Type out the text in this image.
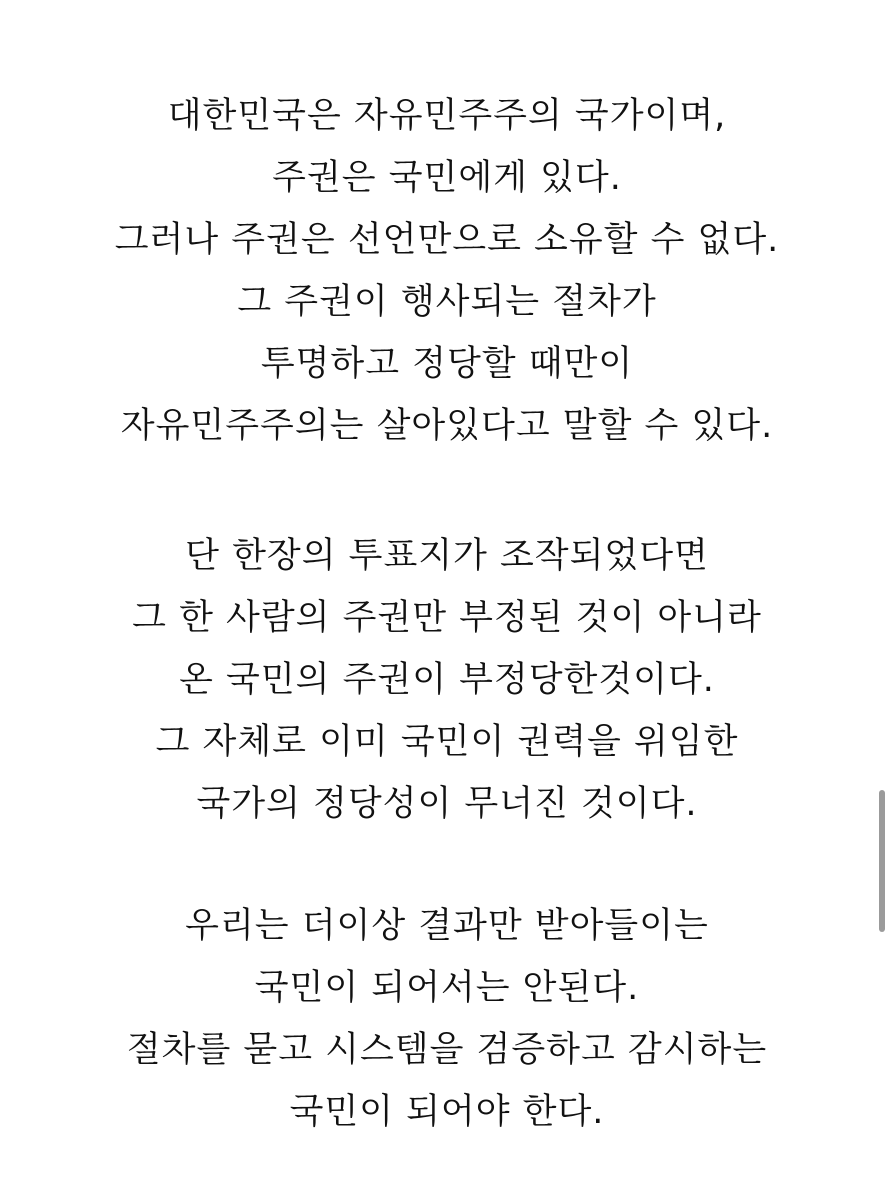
대한민국은 자유민주주의 국가이며,
주권은 국민에게 있다.
그러나 주권은 선언만으로 소유할 수 없다.
그 주권이 행사되는 절차가
투명하고 정당할 때만이
자유민주주의는 살아있다고 말할 수 있다.
단 한장의 투표지가 조작되었다면
그 한 사람의 주권만 부정된 것이 아니라
온 국민의 주권이 부정당한것이다.
그 자체로 이미 국민이 권력을 위임한
국가의 정당성이 무너진 것이다.
우리는 더이상 결과만 받아들이는
국민이 되어서는 안된다.
절차를 묻고 시스템을 검증하고 감시하는
국민이 되어야 한다.
